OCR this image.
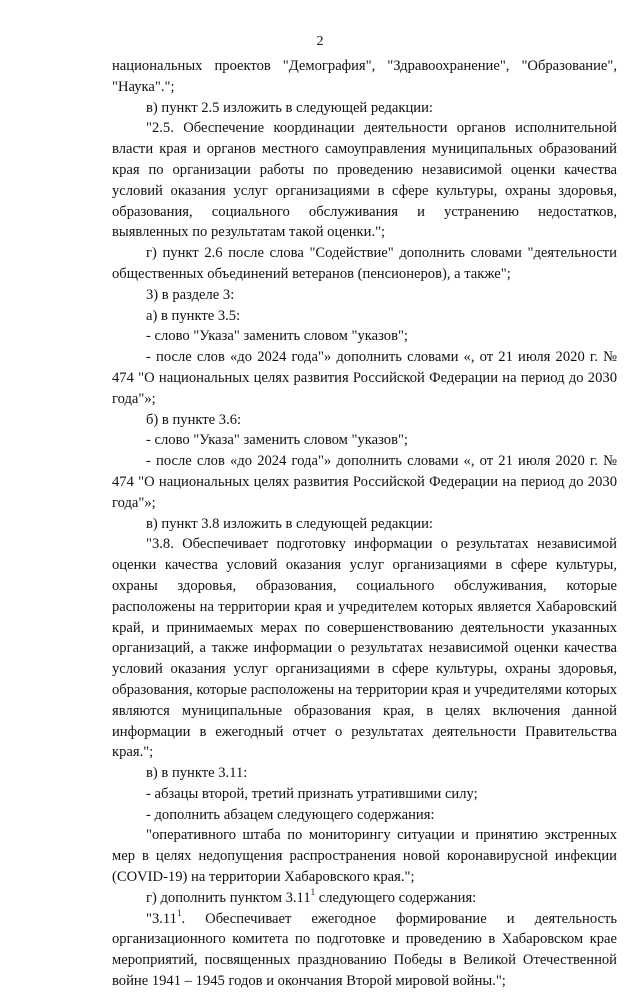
2

национальных проектов "Демография", "Здравоохранение", "Образование", "Наука".";

в) пункт 2.5 изложить в следующей редакции:

"2.5. Обеспечение координации деятельности органов исполнительной власти края и органов местного самоуправления муниципальных образований края по организации работы по проведению независимой оценки качества условий оказания услуг организациями в сфере культуры, охраны здоровья, образования, социального обслуживания и устранению недостатков, выявленных по результатам такой оценки.";

г) пункт 2.6 после слова "Содействие" дополнить словами "деятельности общественных объединений ветеранов (пенсионеров), а также";

3) в разделе 3:

а) в пункте 3.5:

- слово "Указа" заменить словом "указов";

- после слов «до 2024 года"» дополнить словами «, от 21 июля 2020 г. № 474 "О национальных целях развития Российской Федерации на период до 2030 года"»;

б) в пункте 3.6:

- слово "Указа" заменить словом "указов";

- после слов «до 2024 года"» дополнить словами «, от 21 июля 2020 г. № 474 "О национальных целях развития Российской Федерации на период до 2030 года"»;

в) пункт 3.8 изложить в следующей редакции:

"3.8. Обеспечивает подготовку информации о результатах независимой оценки качества условий оказания услуг организациями в сфере культуры, охраны здоровья, образования, социального обслуживания, которые расположены на территории края и учредителем которых является Хабаровский край, и принимаемых мерах по совершенствованию деятельности указанных организаций, а также информации о результатах независимой оценки качества условий оказания услуг организациями в сфере культуры, охраны здоровья, образования, которые расположены на территории края и учредителями которых являются муниципальные образования края, в целях включения данной информации в ежегодный отчет о результатах деятельности Правительства края.";

в) в пункте 3.11:

- абзацы второй, третий признать утратившими силу;

- дополнить абзацем следующего содержания:

"оперативного штаба по мониторингу ситуации и принятию экстренных мер в целях недопущения распространения новой коронавирусной инфекции (COVID-19) на территории Хабаровского края.";

г) дополнить пунктом 3.11$^1$ следующего содержания:

"3.11$^1$. Обеспечивает ежегодное формирование и деятельность организационного комитета по подготовке и проведению в Хабаровском крае мероприятий, посвященных празднованию Победы в Великой Отечественной войне 1941 – 1945 годов и окончания Второй мировой войны.";
